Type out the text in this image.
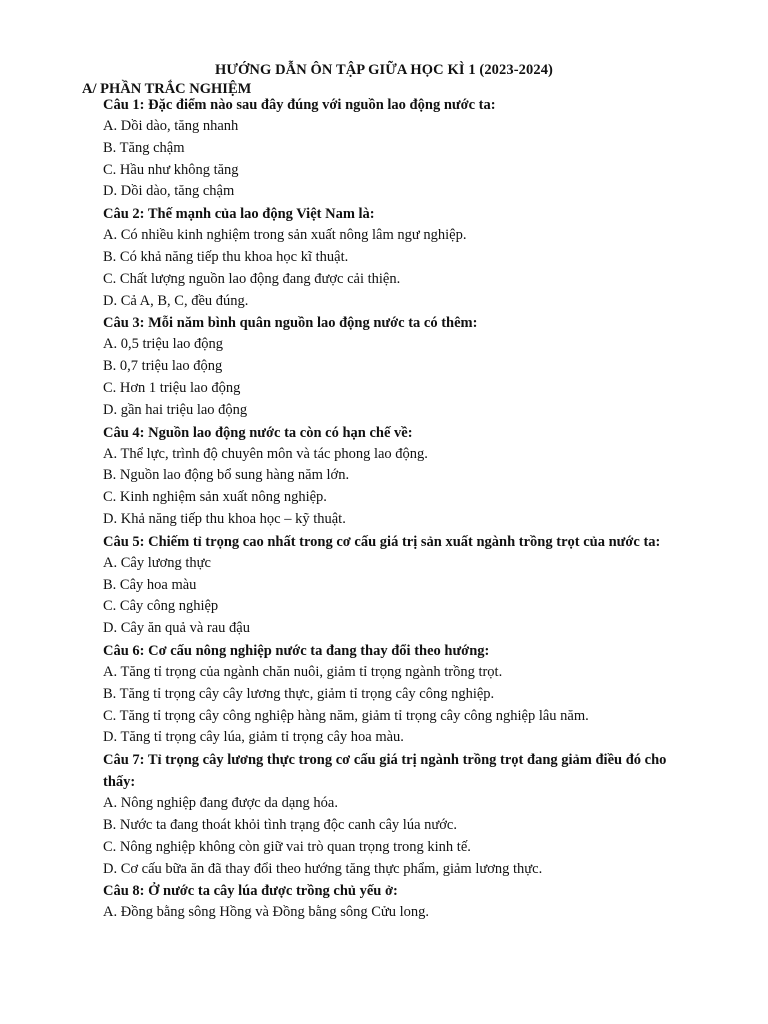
HƯỚNG DẪN ÔN TẬP GIỮA HỌC KÌ 1 (2023-2024)
A/ PHẦN TRẮC NGHIỆM

Câu 1: Đặc điểm nào sau đây đúng với nguồn lao động nước ta:

A. Dồi dào, tăng nhanh

B. Tăng chậm

C. Hầu như không tăng

D. Dồi dào, tăng chậm

Câu 2: Thế mạnh của lao động Việt Nam là:

A. Có nhiều kinh nghiệm trong sản xuất nông lâm ngư nghiệp.

B. Có khả năng tiếp thu khoa học kĩ thuật.

C. Chất lượng nguồn lao động đang được cải thiện.

D. Cả A, B, C, đều đúng.

Câu 3: Mỗi năm bình quân nguồn lao động nước ta có thêm:

A. 0,5 triệu lao động

B. 0,7 triệu lao động

C. Hơn 1 triệu lao động

D. gần hai triệu lao động

Câu 4: Nguồn lao động nước ta còn có hạn chế về:

A. Thể lực, trình độ chuyên môn và tác phong lao động.

B. Nguồn lao động bổ sung hàng năm lớn.

C. Kinh nghiệm sản xuất nông nghiệp.

D. Khả năng tiếp thu khoa học – kỹ thuật.

Câu 5: Chiếm tỉ trọng cao nhất trong cơ cấu giá trị sản xuất ngành trồng trọt của nước ta:

A. Cây lương thực

B. Cây hoa màu

C. Cây công nghiệp

D. Cây ăn quả và rau đậu

Câu 6: Cơ cấu nông nghiệp nước ta đang thay đổi theo hướng:

A. Tăng tỉ trọng của ngành chăn nuôi, giảm tỉ trọng ngành trồng trọt.

B. Tăng tỉ trọng cây cây lương thực, giảm tỉ trọng cây công nghiệp.

C. Tăng tỉ trọng cây công nghiệp hàng năm, giảm tỉ trọng cây công nghiệp lâu năm.

D. Tăng tỉ trọng cây lúa, giảm tỉ trọng cây hoa màu.

Câu 7: Tỉ trọng cây lương thực trong cơ cấu giá trị ngành trồng trọt đang giảm điều đó cho thấy:

A. Nông nghiệp đang được da dạng hóa.

B. Nước ta đang thoát khỏi tình trạng độc canh cây lúa nước.

C. Nông nghiệp không còn giữ vai trò quan trọng trong kinh tế.

D. Cơ cấu bữa ăn đã thay đổi theo hướng tăng thực phẩm, giảm lương thực.

Câu 8: Ở nước ta cây lúa được trồng chủ yếu ở:

A. Đồng bằng sông Hồng và Đồng bằng sông Cửu long.
